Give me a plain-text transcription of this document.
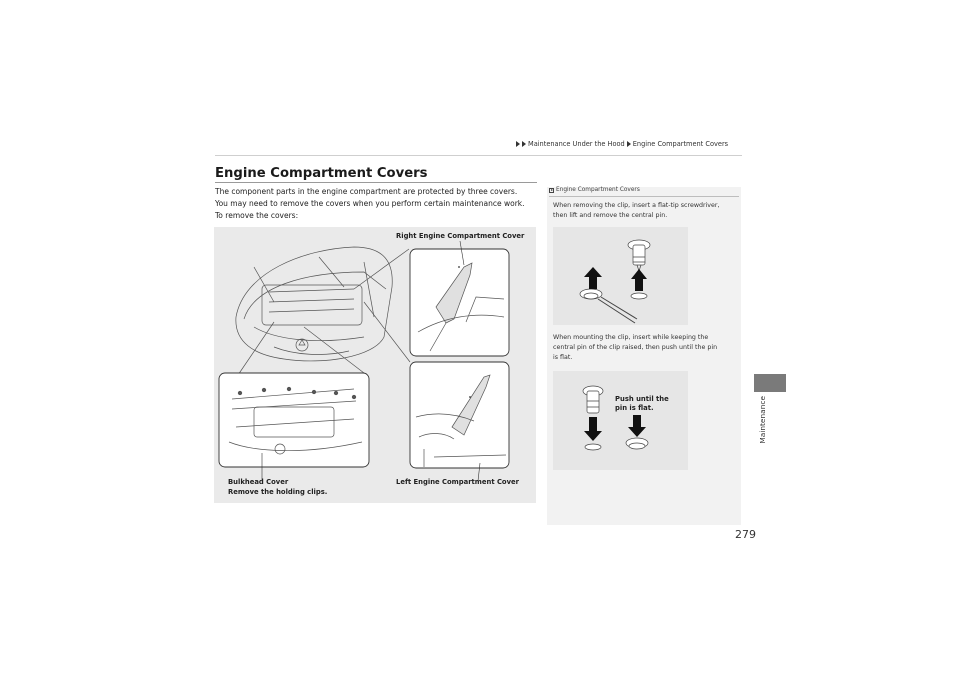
Maintenance Under the Hood Engine Compartment Covers
Engine Compartment Covers
The component parts in the engine compartment are protected by three covers.
You may need to remove the covers when you perform certain maintenance work.
To remove the covers:
Right Engine Compartment Cover
Left Engine Compartment Cover
Bulkhead Cover
Remove the holding clips.
Engine Compartment Covers
When removing the clip, insert a flat-tip screwdriver,
then lift and remove the central pin.
When mounting the clip, insert while keeping the
central pin of the clip raised, then push until the pin
is flat.
Push until the
pin is flat.	Maintenance
279
